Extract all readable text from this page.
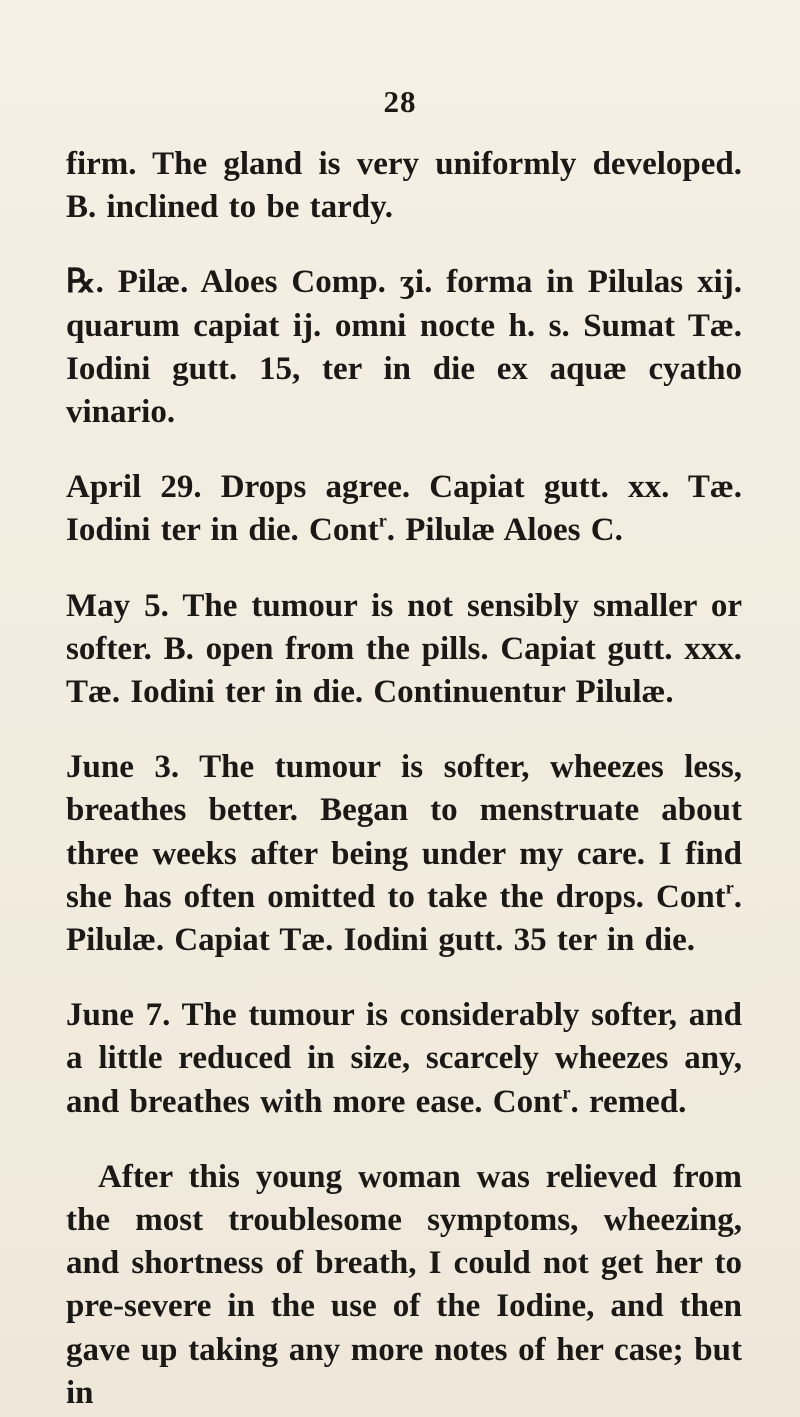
28

firm. The gland is very uniformly developed. B. inclined to be tardy.

℞. Pilæ. Aloes Comp. ʒi. forma in Pilulas xij. quarum capiat ij. omni nocte h. s. Sumat Tæ. Iodini gutt. 15, ter in die ex aquæ cyatho vinario.

April 29. Drops agree. Capiat gutt. xx. Tæ. Iodini ter in die. Cont$^r$. Pilulæ Aloes C.

May 5. The tumour is not sensibly smaller or softer. B. open from the pills. Capiat gutt. xxx. Tæ. Iodini ter in die. Continuentur Pilulæ.

June 3. The tumour is softer, wheezes less, breathes better. Began to menstruate about three weeks after being under my care. I find she has often omitted to take the drops. Cont$^r$. Pilulæ. Capiat Tæ. Iodini gutt. 35 ter in die.

June 7. The tumour is considerably softer, and a little reduced in size, scarcely wheezes any, and breathes with more ease. Cont$^r$. remed.

After this young woman was relieved from the most troublesome symptoms, wheezing, and shortness of breath, I could not get her to pre-severe in the use of the Iodine, and then gave up taking any more notes of her case; but in
